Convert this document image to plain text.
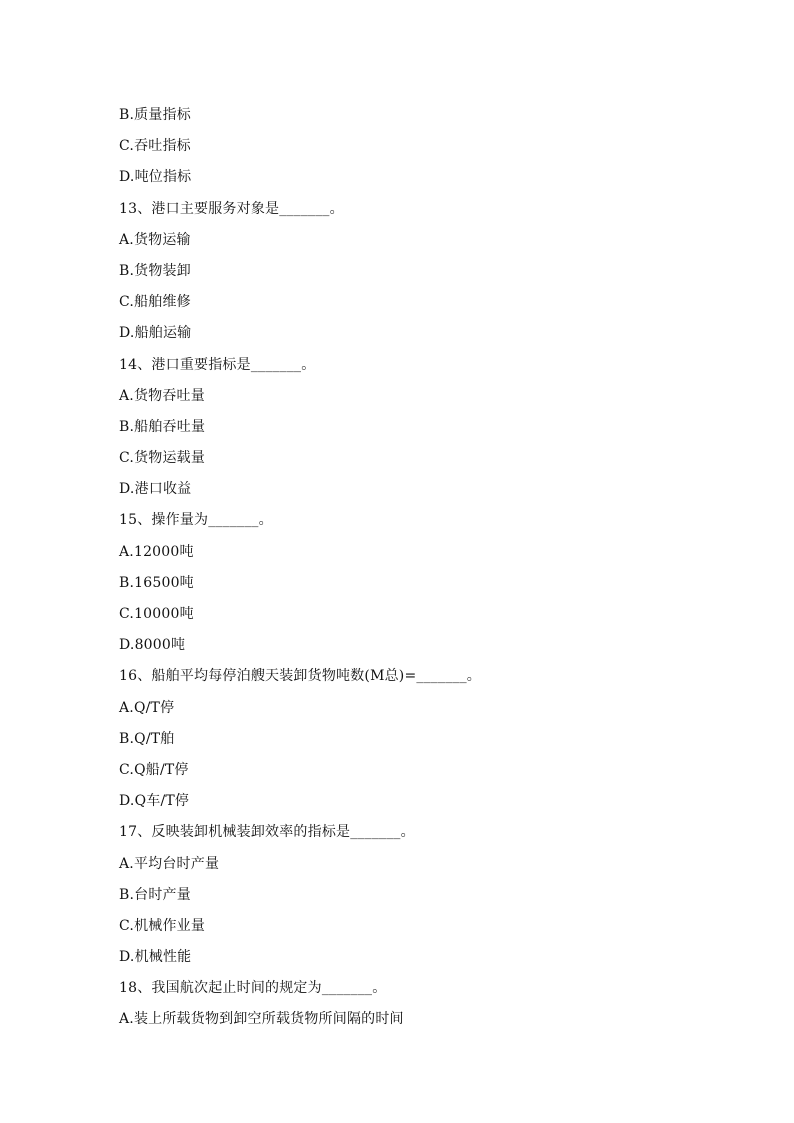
B.质量指标
C.吞吐指标
D.吨位指标
13、港口主要服务对象是_______。
A.货物运输
B.货物装卸
C.船舶维修
D.船舶运输
14、港口重要指标是_______。
A.货物吞吐量
B.船舶吞吐量
C.货物运载量
D.港口收益
15、操作量为_______。
A.12000吨
B.16500吨
C.10000吨
D.8000吨
16、船舶平均每停泊艘天装卸货物吨数(M总)=_______。
A.Q/T停
B.Q/T舶
C.Q船/T停
D.Q车/T停
17、反映装卸机械装卸效率的指标是_______。
A.平均台时产量
B.台时产量
C.机械作业量
D.机械性能
18、我国航次起止时间的规定为_______。
A.装上所载货物到卸空所载货物所间隔的时间
